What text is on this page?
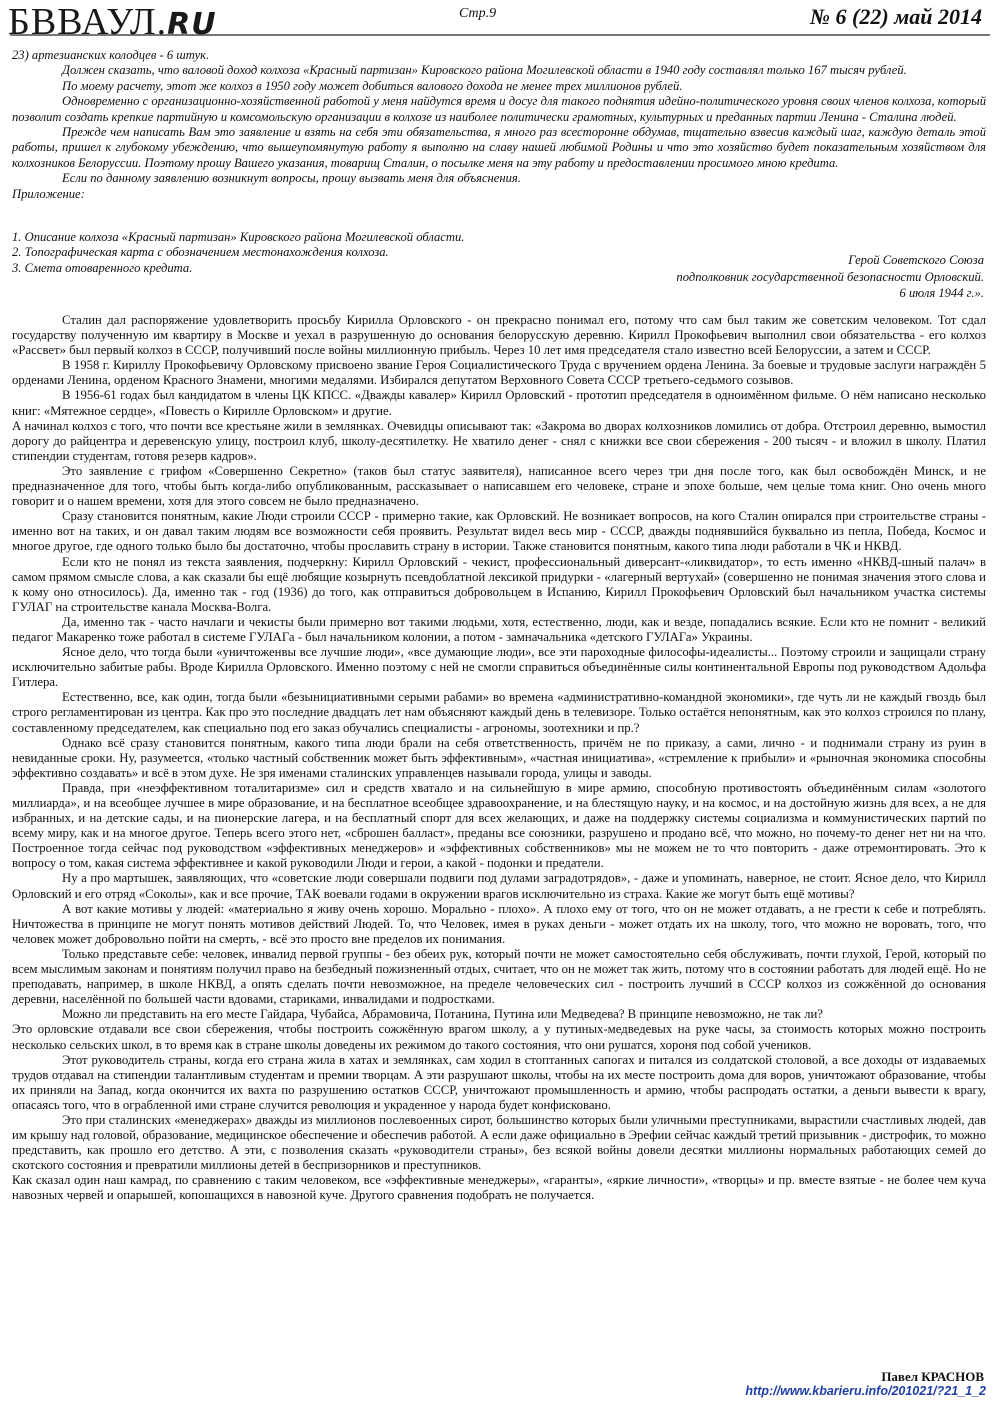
БВВАУЛ.RU	Стр.9	№ 6 (22) май 2014

23) артезианских колодцев - 6 штук.

Должен сказать, что валовой доход колхоза «Красный партизан» Кировского района Могилевской области в 1940 году составлял только 167 тысяч рублей.

По моему расчету, этот же колхоз в 1950 году может добиться валового дохода не менее трех миллионов рублей.

Одновременно с организационно-хозяйственной работой у меня найдутся время и досуг для такого поднятия идейно-политического уровня своих членов колхоза, который позволит создать крепкие партийную и комсомольскую организации в колхозе из наиболее политически грамотных, культурных и преданных партии Ленина - Сталина людей.

Прежде чем написать Вам это заявление и взять на себя эти обязательства, я много раз всесторонне обдумав, тщательно взвесив каждый шаг, каждую деталь этой работы, пришел к глубокому убеждению, что вышеупомянутую работу я выполню на славу нашей любимой Родины и что это хозяйство будет показательным хозяйством для колхозников Белоруссии. Поэтому прошу Вашего указания, товарищ Сталин, о посылке меня на эту работу и предоставлении просимого мною кредита.

Если по данному заявлению возникнут вопросы, прошу вызвать меня для объяснения.

Приложение:

1. Описание колхоза «Красный партизан» Кировского района Могилевской области.

2. Топографическая карта с обозначением местонахождения колхоза.

3. Смета отоваренного кредита.

Герой Советского Союза

подполковник государственной безопасности Орловский.

6 июля 1944 г.».

Сталин дал распоряжение удовлетворить просьбу Кирилла Орловского - он прекрасно понимал его, потому что сам был таким же советским человеком. Тот сдал государству полученную им квартиру в Москве и уехал в разрушенную до основания белорусскую деревню. Кирилл Прокофьевич выполнил свои обязательства - его колхоз «Рассвет» был первый колхоз в СССР, получивший после войны миллионную прибыль. Через 10 лет имя председателя стало известно всей Белоруссии, а затем и СССР.

В 1958 г. Кириллу Прокофьевичу Орловскому присвоено звание Героя Социалистического Труда с вручением ордена Ленина. За боевые и трудовые заслуги награждён 5 орденами Ленина, орденом Красного Знамени, многими медалями. Избирался депутатом Верховного Совета СССР третьего-седьмого созывов.

В 1956-61 годах был кандидатом в члены ЦК КПСС. «Дважды кавалер» Кирилл Орловский - прототип председателя в одноимённом фильме. О нём написано несколько книг: «Мятежное сердце», «Повесть о Кирилле Орловском» и другие.

А начинал колхоз с того, что почти все крестьяне жили в землянках. Очевидцы описывают так: «Закрома во дворах колхозников ломились от добра. Отстроил деревню, вымостил дорогу до райцентра и деревенскую улицу, построил клуб, школу-десятилетку. Не хватило денег - снял с книжки все свои сбережения - 200 тысяч - и вложил в школу. Платил стипендии студентам, готовя резерв кадров».

Это заявление с грифом «Совершенно Секретно» (таков был статус заявителя), написанное всего через три дня после того, как был освобождён Минск, и не предназначенное для того, чтобы быть когда-либо опубликованным, рассказывает о написавшем его человеке, стране и эпохе больше, чем целые тома книг. Оно очень много говорит и о нашем времени, хотя для этого совсем не было предназначено.

Сразу становится понятным, какие Люди строили СССР - примерно такие, как Орловский. Не возникает вопросов, на кого Сталин опирался при строительстве страны - именно вот на таких, и он давал таким людям все возможности себя проявить. Результат видел весь мир - СССР, дважды поднявшийся буквально из пепла, Победа, Космос и многое другое, где одного только было бы достаточно, чтобы прославить страну в истории. Также становится понятным, какого типа люди работали в ЧК и НКВД.

Если кто не понял из текста заявления, подчеркну: Кирилл Орловский - чекист, профессиональный диверсант-«ликвидатор», то есть именно «НКВД-шный палач» в самом прямом смысле слова, а как сказали бы ещё любящие козырнуть псевдоблатной лексикой придурки - «лагерный вертухай» (совершенно не понимая значения этого слова и к кому оно относилось). Да, именно так - год (1936) до того, как отправиться добровольцем в Испанию, Кирилл Прокофьевич Орловский был начальником участка системы ГУЛАГ на строительстве канала Москва-Волга.

Да, именно так - часто начлаги и чекисты были примерно вот такими людьми, хотя, естественно, люди, как и везде, попадались всякие. Если кто не помнит - великий педагог Макаренко тоже работал в системе ГУЛАГа - был начальником колонии, а потом - замначальника «детского ГУЛАГа» Украины.

Ясное дело, что тогда были «уничтоженвы все лучшие люди», «все думающие люди», все эти пароходные философы-идеалисты... Поэтому строили и защищали страну исключительно забитые рабы. Вроде Кирилла Орловского. Именно поэтому с ней не смогли справиться объединённые силы континентальной Европы под руководством Адольфа Гитлера.

Естественно, все, как один, тогда были «безынициативными серыми рабами» во времена «административно-командной экономики», где чуть ли не каждый гвоздь был строго регламентирован из центра. Как про это последние двадцать лет нам объясняют каждый день в телевизоре. Только остаётся непонятным, как это колхоз строился по плану, составленному председателем, как специально под его заказ обучались специалисты - агрономы, зоотехники и пр.?

Однако всё сразу становится понятным, какого типа люди брали на себя ответственность, причём не по приказу, а сами, лично - и поднимали страну из руин в невиданные сроки. Ну, разумеется, «только частный собственник может быть эффективным», «частная инициатива», «стремление к прибыли» и «рыночная экономика способны эффективно создавать» и всё в этом духе. Не зря именами сталинских управленцев называли города, улицы и заводы.

Правда, при «неэффективном тоталитаризме» сил и средств хватало и на сильнейшую в мире армию, способную противостоять объединённым силам «золотого миллиарда», и на всеобщее лучшее в мире образование, и на бесплатное всеобщее здравоохранение, и на блестящую науку, и на космос, и на достойную жизнь для всех, а не для избранных, и на детские сады, и на пионерские лагера, и на бесплатный спорт для всех желающих, и даже на поддержку системы социализма и коммунистических партий по всему миру, как и на многое другое. Теперь всего этого нет, «сброшен балласт», преданы все союзники, разрушено и продано всё, что можно, но почему-то денег нет ни на что. Построенное тогда сейчас под руководством «эффективных менеджеров» и «эффективных собственников» мы не можем не то что повторить - даже отремонтировать. Это к вопросу о том, какая система эффективнее и какой руководили Люди и герои, а какой - подонки и предатели.

Ну а про мартышек, заявляющих, что «советские люди совершали подвиги под дулами заградотрядов», - даже и упоминать, наверное, не стоит. Ясное дело, что Кирилл Орловский и его отряд «Соколы», как и все прочие, ТАК воевали годами в окружении врагов исключительно из страха. Какие же могут быть ещё мотивы?

А вот какие мотивы у людей: «материально я живу очень хорошо. Морально - плохо». А плохо ему от того, что он не может отдавать, а не грести к себе и потреблять. Ничтожества в принципе не могут понять мотивов действий Людей. То, что Человек, имея в руках деньги - может отдать их на школу, того, что можно не воровать, того, что человек может добровольно пойти на смерть, - всё это просто вне пределов их понимания.

Только представьте себе: человек, инвалид первой группы - без обеих рук, который почти не может самостоятельно себя обслуживать, почти глухой, Герой, который по всем мыслимым законам и понятиям получил право на безбедный пожизненный отдых, считает, что он не может так жить, потому что в состоянии работать для людей ещё. Но не преподавать, например, в школе НКВД, а опять сделать почти невозможное, на пределе человеческих сил - построить лучший в СССР колхоз из сожжённой до основания деревни, населённой по большей части вдовами, стариками, инвалидами и подростками.

Можно ли представить на его месте Гайдара, Чубайса, Абрамовича, Потанина, Путина или Медведева? В принципе невозможно, не так ли?

Это орловские отдавали все свои сбережения, чтобы построить сожжённую врагом школу, а у путиных-медведевых на руке часы, за стоимость которых можно построить несколько сельских школ, в то время как в стране школы доведены их режимом до такого состояния, что они рушатся, хороня под собой учеников.

Этот руководитель страны, когда его страна жила в хатах и землянках, сам ходил в стоптанных сапогах и питался из солдатской столовой, а все доходы от издаваемых трудов отдавал на стипендии талантливым студентам и премии творцам. А эти разрушают школы, чтобы на их месте построить дома для воров, уничтожают образование, чтобы их приняли на Запад, когда окончится их вахта по разрушению остатков СССР, уничтожают промышленность и армию, чтобы распродать остатки, а деньги вывести к врагу, опасаясь того, что в ограбленной ими стране случится революция и украденное у народа будет конфисковано.

Это при сталинских «менеджерах» дважды из миллионов послевоенных сирот, большинство которых были уличными преступниками, вырастили счастливых людей, дав им крышу над головой, образование, медицинское обеспечение и обеспечив работой. А если даже официально в Эрефии сейчас каждый третий призывник - дистрофик, то можно представить, как прошло его детство. А эти, с позволения сказать «руководители страны», без всякой войны довели десятки миллионы нормальных работающих семей до скотского состояния и превратили миллионы детей в беспризорников и преступников.

Как сказал один наш камрад, по сравнению с таким человеком, все «эффективные менеджеры», «гаранты», «яркие личности», «творцы» и пр. вместе взятые - не более чем куча навозных червей и опарышей, копошащихся в навозной куче. Другого сравнения подобрать не получается.

Павел КРАСНОВ
http://www.kbarieru.info/201021/?21_1_2
